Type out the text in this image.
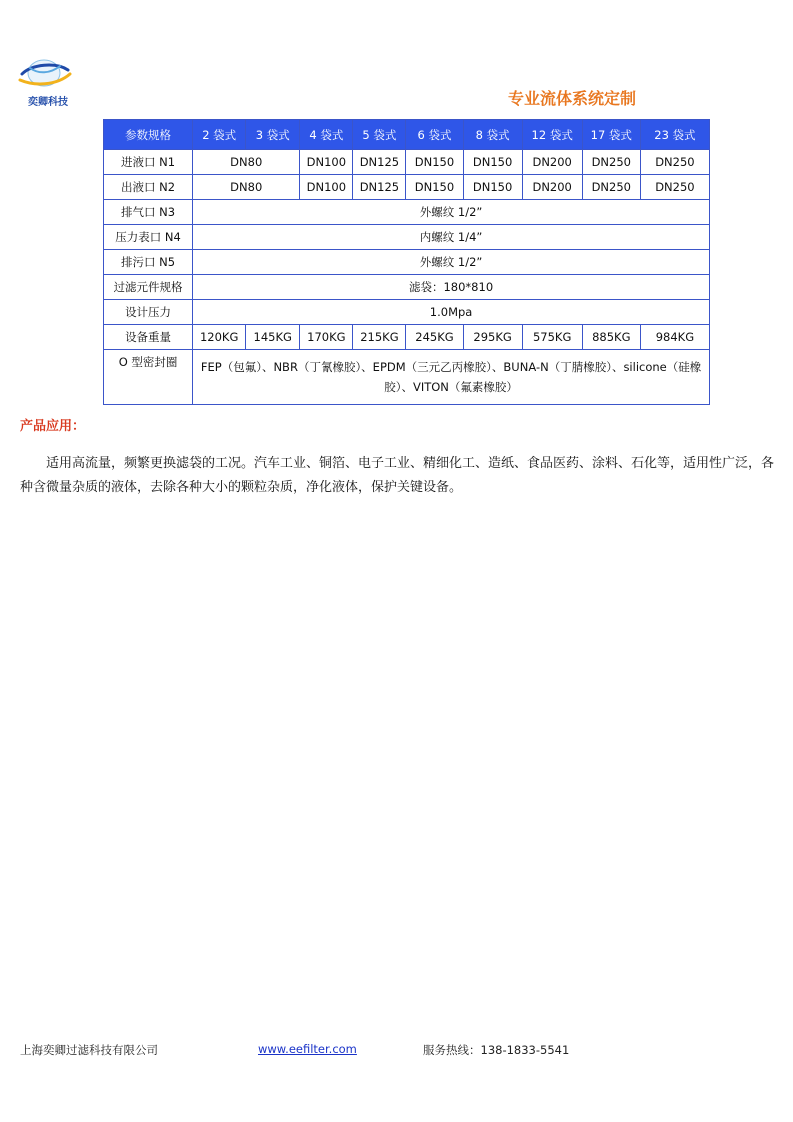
奕卿科技	专业流体系统定制
参数规格	2 袋式	3 袋式	4 袋式	5 袋式	6 袋式	8 袋式	12 袋式	17 袋式	23 袋式
进液口 N1	DN80		DN100	DN125	DN150	DN150	DN200	DN250	DN250
出液口 N2	DN80		DN100	DN125	DN150	DN150	DN200	DN250	DN250
排气口 N3	外螺纹 1/2”								
压力表口 N4	内螺纹 1/4”								
排污口 N5	外螺纹 1/2”								
过滤元件规格	滤袋：180*810								
设计压力	1.0Mpa								
设备重量	120KG	145KG	170KG	215KG	245KG	295KG	575KG	885KG	984KG
O 型密封圈	FEP（包氟）、NBR（丁氰橡胶）、EPDM（三元乙丙橡胶）、BUNA-N（丁腈橡胶）、silicone（硅橡胶）、VITON（氟素橡胶）								
产品应用：
适用高流量，频繁更换滤袋的工况。汽车工业、铜箔、电子工业、精细化工、造纸、食品医药、涂料、石化等，适用性广泛，各种含微量杂质的液体，去除各种大小的颗粒杂质，净化液体，保护关键设备。
上海奕卿过滤科技有限公司	www.eefilter.com	服务热线：138-1833-5541
